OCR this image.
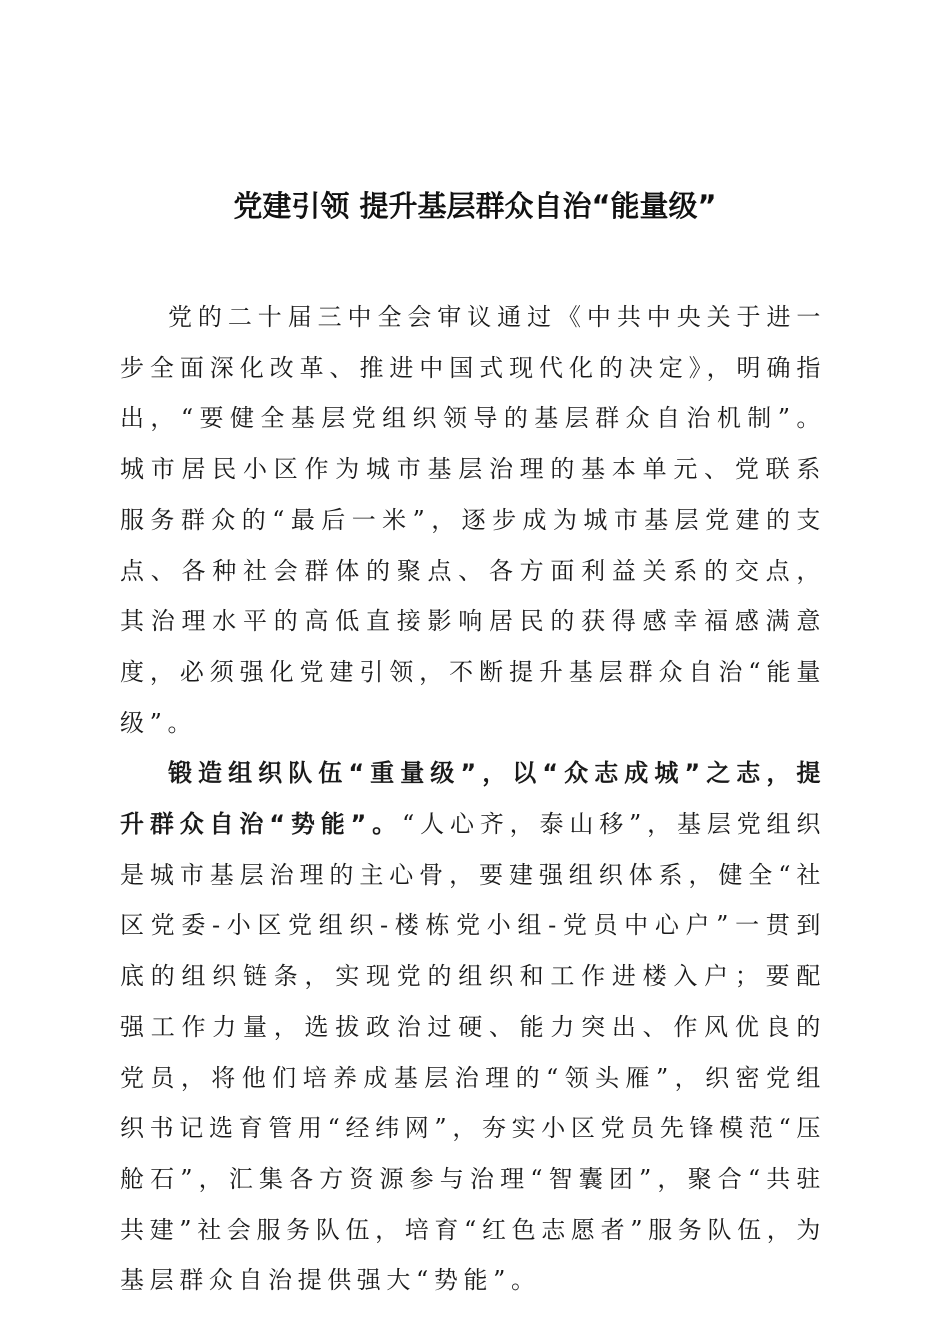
党建引领 提升基层群众自治“能量级”

党的二十届三中全会审议通过《中共中央关于进一步全面深化改革、推进中国式现代化的决定》，明确指出，“要健全基层党组织领导的基层群众自治机制”。城市居民小区作为城市基层治理的基本单元、党联系服务群众的“最后一米”，逐步成为城市基层党建的支点、各种社会群体的聚点、各方面利益关系的交点，其治理水平的高低直接影响居民的获得感幸福感满意度，必须强化党建引领，不断提升基层群众自治“能量级”。

锻造组织队伍“重量级”，以“众志成城”之志，提升群众自治“势能”。“人心齐，泰山移”，基层党组织是城市基层治理的主心骨，要建强组织体系，健全“社区党委-小区党组织-楼栋党小组-党员中心户”一贯到底的组织链条，实现党的组织和工作进楼入户；要配强工作力量，选拔政治过硬、能力突出、作风优良的党员，将他们培养成基层治理的“领头雁”，织密党组织书记选育管用“经纬网”，夯实小区党员先锋模范“压舱石”，汇集各方资源参与治理“智囊团”，聚合“共驻共建”社会服务队伍，培育“红色志愿者”服务队伍，为基层群众自治提供强大“势能”。
